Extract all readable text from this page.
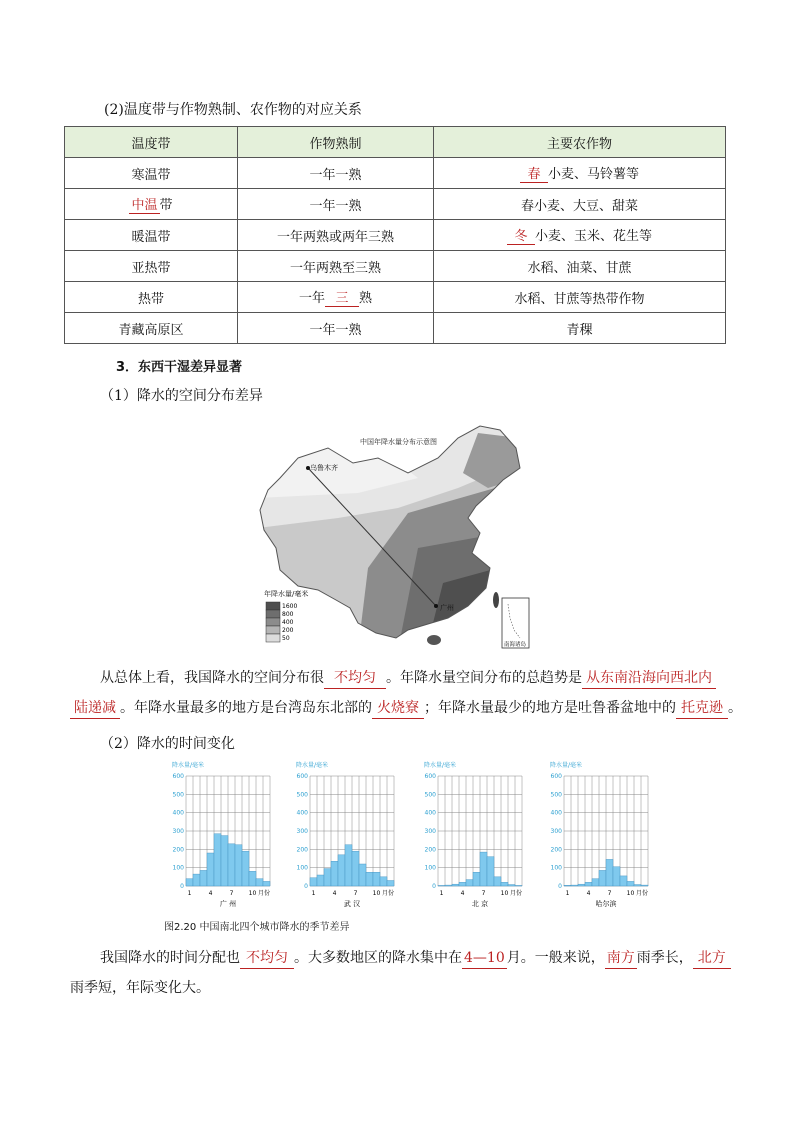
(2)温度带与作物熟制、农作物的对应关系
温度带	作物熟制	主要农作物
寒温带	一年一熟	春 小麦、马铃薯等
中温 带	一年一熟	春小麦、大豆、甜菜
暖温带	一年两熟或两年三熟	冬 小麦、玉米、花生等
亚热带	一年两熟至三熟	水稻、油菜、甘蔗
热带	一年 三 熟	水稻、甘蔗等热带作物
青藏高原区	一年一熟	青稞
3．东西干湿差异显著
（1）降水的空间分布差异
中国年降水量分布示意图
乌鲁木齐
广州
年降水量/毫米
1600
800
400
200
50
南海诸岛
从总体上看，我国降水的空间分布很 不均匀 。年降水量空间分布的总趋势是 从东南沿海向西北内
陆递减 。年降水量最多的地方是台湾岛东北部的 火烧寮 ；年降水量最少的地方是吐鲁番盆地中的 托克逊 。
（2）降水的时间变化
降水量/毫米
0
100
200
300
400
500
600
1	4	7	10 月份
广 州
降水量/毫米
0
100
200
300
400
500
600
1	4	7	10 月份
武 汉
降水量/毫米
0
100
200
300
400
500
600
1	4	7	10 月份
北 京
降水量/毫米
0
100
200
300
400
500
600
1	4	7	10 月份
哈尔滨
图2.20 中国南北四个城市降水的季节差异
我国降水的时间分配也 不均匀 。大多数地区的降水集中在 4—10 月。一般来说， 南方 雨季长， 北方
雨季短，年际变化大。
